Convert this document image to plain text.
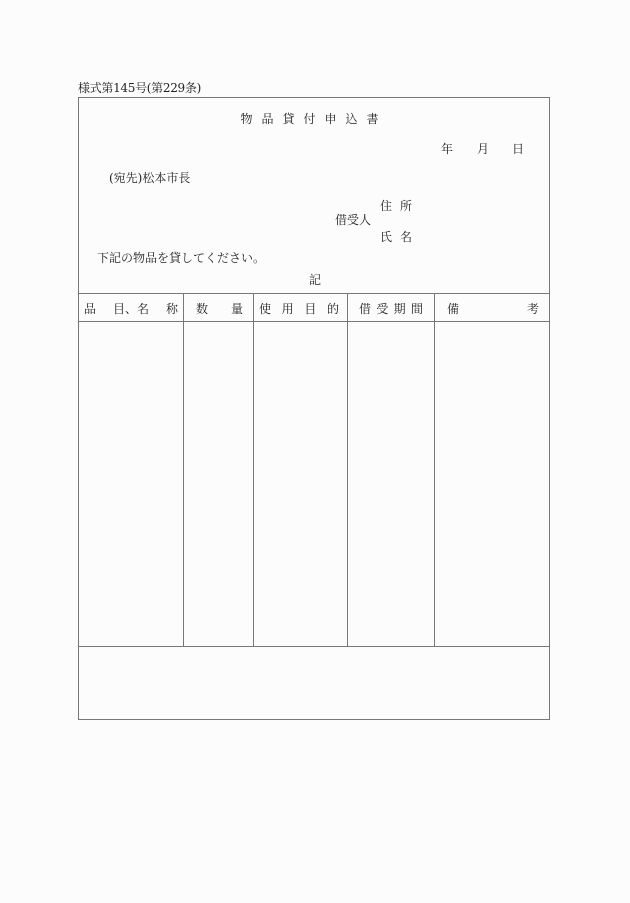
様式第145号(第229条)
物品貸付申込書
年 月 日
(宛先)松本市長
借受人
住所
氏名
下記の物品を貸してください。
記
品 目、名 称 数 量 使 用 目 的 借 受 期 間 備	考
